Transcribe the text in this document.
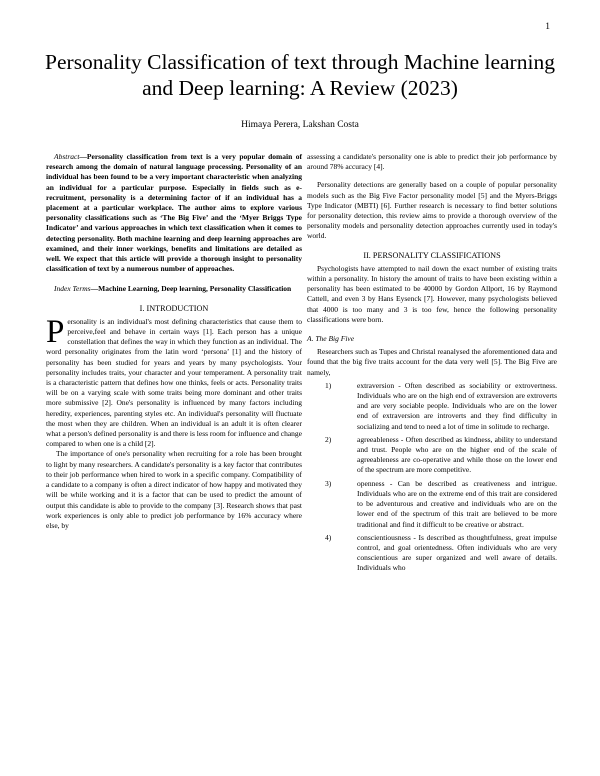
1
Personality Classification of text through Machine learning and Deep learning: A Review (2023)
Himaya Perera, Lakshan Costa

Abstract—Personality classification from text is a very popular domain of research among the domain of natural language processing. Personality of an individual has been found to be a very important characteristic when analyzing an individual for a particular purpose. Especially in fields such as e-recruitment, personality is a determining factor of if an individual has a placement at a particular workplace. The author aims to explore various personality classifications such as ‘The Big Five’ and the ‘Myer Briggs Type Indicator’ and various approaches in which text classification when it comes to detecting personality. Both machine learning and deep learning approaches are examined, and their inner workings, benefits and limitations are detailed as well. We expect that this article will provide a thorough insight to personality classification of text by a numerous number of approaches.

Index Terms—Machine Learning, Deep learning, Personality Classification

I. INTRODUCTION

Personality is an individual's most defining characteristics that cause them to perceive,feel and behave in certain ways [1]. Each person has a unique constellation that defines the way in which they function as an individual. The word personality originates from the latin word ‘persona’ [1] and the history of personality has been studied for years and years by many psychologists. Your personality includes traits, your character and your temperament. A personality trait is a characteristic pattern that defines how one thinks, feels or acts. Personality traits will be on a varying scale with some traits being more dominant and other traits more submissive [2]. One's personality is influenced by many factors including heredity, experiences, parenting styles etc. An individual's personality will fluctuate the most when they are children. When an individual is an adult it is often clearer what a person's defined personality is and there is less room for influence and change compared to when one is a child [2].

The importance of one's personality when recruiting for a role has been brought to light by many researchers. A candidate's personality is a key factor that contributes to their job performance when hired to work in a specific company. Compatibility of a candidate to a company is often a direct indicator of how happy and motivated they will be while working and it is a factor that can be used to predict the amount of output this candidate is able to provide to the company [3]. Research shows that past work experiences is only able to predict job performance by 16% accuracy where else, by

assessing a candidate's personality one is able to predict their job performance by around 78% accuracy [4].

Personality detections are generally based on a couple of popular personality models such as the Big Five Factor personality model [5] and the Myers-Briggs Type Indicator (MBTI) [6]. Further research is necessary to find better solutions for personality detection, this review aims to provide a thorough overview of the personality models and personality detection approaches currently used in today's world.

II. PERSONALITY CLASSIFICATIONS

Psychologists have attempted to nail down the exact number of existing traits within a personality. In history the amount of traits to have been existing within a personality has been estimated to be 40000 by Gordon Allport, 16 by Raymond Cattell, and even 3 by Hans Eysenck [7]. However, many psychologists believed that 4000 is too many and 3 is too few, hence the following personality classifications were born.

A. The Big Five

Researchers such as Tupes and Christal reanalysed the aforementioned data and found that the big five traits account for the data very well [5]. The Big Five are namely,

1)	extraversion - Often described as sociability or extrovertness. Individuals who are on the high end of extraversion are extroverts and are very sociable people. Individuals who are on the lower end of extraversion are introverts and they find difficulty in socializing and tend to need a lot of time in solitude to recharge.
2)	agreeableness - Often described as kindness, ability to understand and trust. People who are on the higher end of the scale of agreeableness are co-operative and while those on the lower end of the spectrum are more competitive.
3)	openness - Can be described as creativeness and intrigue. Individuals who are on the extreme end of this trait are considered to be adventurous and creative and individuals who are on the lower end of the spectrum of this trait are believed to be more traditional and find it difficult to be creative or abstract.
4)	conscientiousness - Is described as thoughtfulness, great impulse control, and goal orientedness. Often individuals who are very conscientious are super organized and well aware of details. Individuals who
